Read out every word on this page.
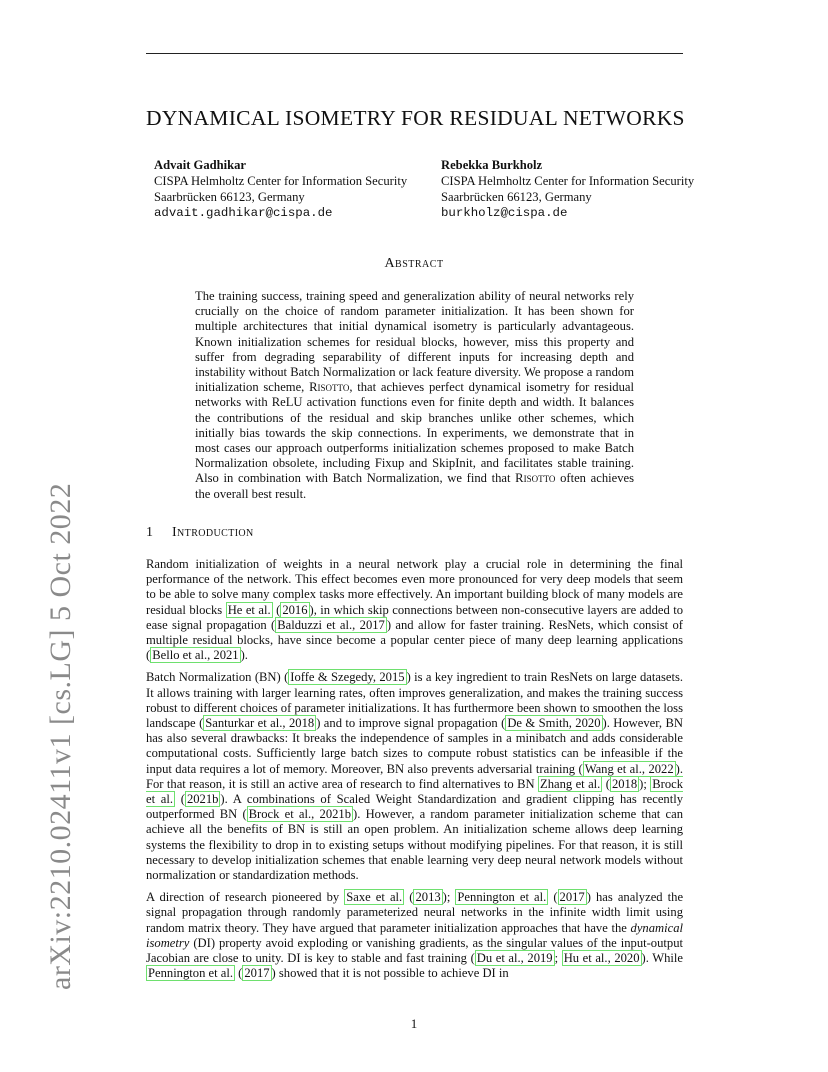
DYNAMICAL ISOMETRY FOR RESIDUAL NETWORKS
Advait Gadhikar
CISPA Helmholtz Center for Information Security
Saarbrücken 66123, Germany
advait.gadhikar@cispa.de
Rebekka Burkholz
CISPA Helmholtz Center for Information Security
Saarbrücken 66123, Germany
burkholz@cispa.de
Abstract
The training success, training speed and generalization ability of neural networks rely crucially on the choice of random parameter initialization. It has been shown for multiple architectures that initial dynamical isometry is particularly advantageous. Known initialization schemes for residual blocks, however, miss this property and suffer from degrading separability of different inputs for increasing depth and instability without Batch Normalization or lack feature diversity. We propose a random initialization scheme, Risotto, that achieves perfect dynamical isometry for residual networks with ReLU activation functions even for finite depth and width. It balances the contributions of the residual and skip branches unlike other schemes, which initially bias towards the skip connections. In experiments, we demonstrate that in most cases our approach outperforms initialization schemes proposed to make Batch Normalization obsolete, including Fixup and SkipInit, and facilitates stable training. Also in combination with Batch Normalization, we find that Risotto often achieves the overall best result.
1 Introduction

Random initialization of weights in a neural network play a crucial role in determining the final performance of the network. This effect becomes even more pronounced for very deep models that seem to be able to solve many complex tasks more effectively. An important building block of many models are residual blocks He et al. ( 2016 ), in which skip connections between non-consecutive layers are added to ease signal propagation ( Balduzzi et al., 2017 ) and allow for faster training. ResNets, which consist of multiple residual blocks, have since become a popular center piece of many deep learning applications ( Bello et al., 2021 ).

Batch Normalization (BN) ( Ioffe & Szegedy, 2015 ) is a key ingredient to train ResNets on large datasets. It allows training with larger learning rates, often improves generalization, and makes the training success robust to different choices of parameter initializations. It has furthermore been shown to smoothen the loss landscape ( Santurkar et al., 2018 ) and to improve signal propagation ( De & Smith, 2020 ). However, BN has also several drawbacks: It breaks the independence of samples in a minibatch and adds considerable computational costs. Sufficiently large batch sizes to compute robust statistics can be infeasible if the input data requires a lot of memory. Moreover, BN also prevents adversarial training ( Wang et al., 2022 ). For that reason, it is still an active area of research to find alternatives to BN Zhang et al. ( 2018 ); Brock et al. ( 2021b ). A combinations of Scaled Weight Standardization and gradient clipping has recently outperformed BN ( Brock et al., 2021b ). However, a random parameter initialization scheme that can achieve all the benefits of BN is still an open problem. An initialization scheme allows deep learning systems the flexibility to drop in to existing setups without modifying pipelines. For that reason, it is still necessary to develop initialization schemes that enable learning very deep neural network models without normalization or standardization methods.

A direction of research pioneered by Saxe et al. ( 2013 ); Pennington et al. ( 2017 ) has analyzed the signal propagation through randomly parameterized neural networks in the infinite width limit using random matrix theory. They have argued that parameter initialization approaches that have the dynamical isometry (DI) property avoid exploding or vanishing gradients, as the singular values of the input-output Jacobian are close to unity. DI is key to stable and fast training ( Du et al., 2019 ; Hu et al., 2020 ). While Pennington et al. ( 2017 ) showed that it is not possible to achieve DI in

arXiv:2210.02411v1 [cs.LG] 5 Oct 2022
1
